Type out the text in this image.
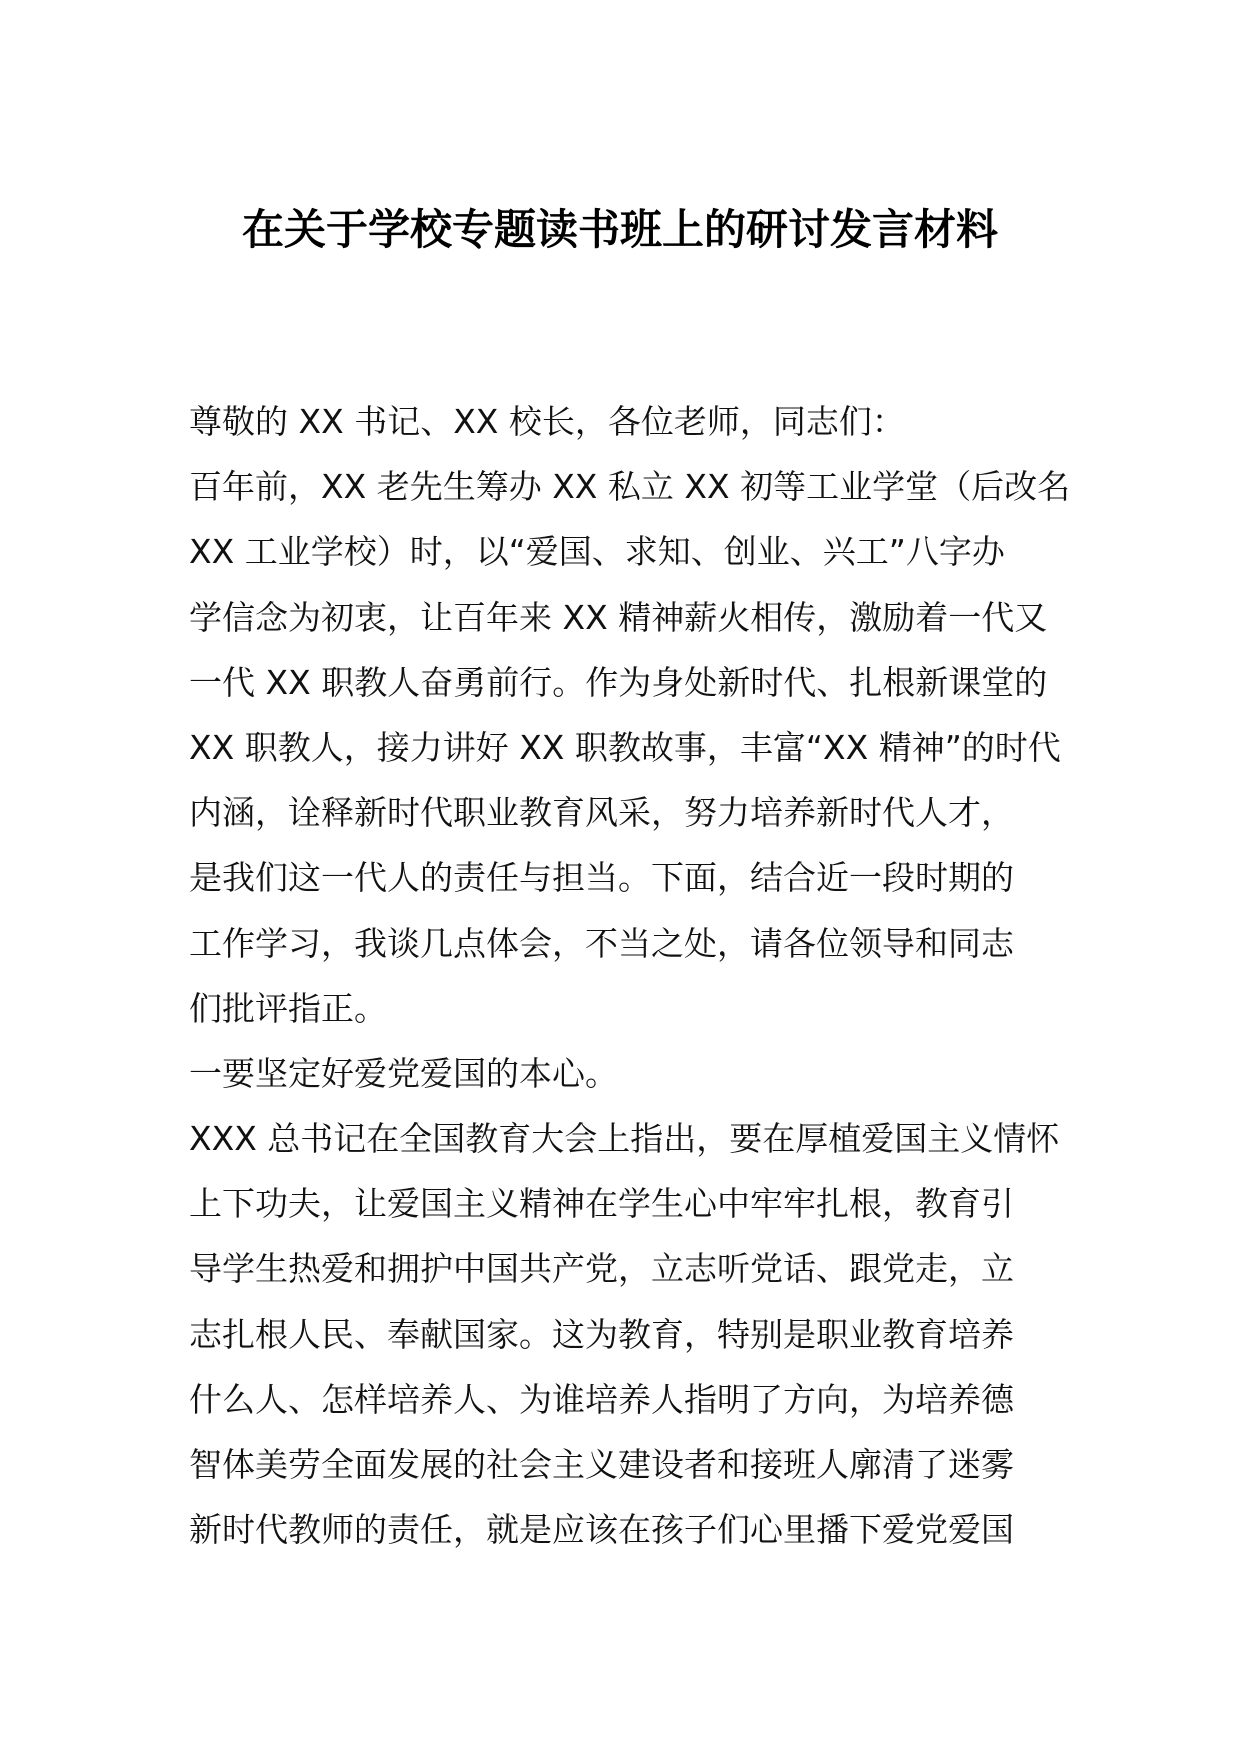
在关于学校专题读书班上的研讨发言材料
尊敬的 XX 书记、XX 校长，各位老师，同志们：
百年前，XX 老先生筹办 XX 私立 XX 初等工业学堂（后改名
XX 工业学校）时，以“爱国、求知、创业、兴工”八字办
学信念为初衷，让百年来 XX 精神薪火相传，激励着一代又
一代 XX 职教人奋勇前行。作为身处新时代、扎根新课堂的
XX 职教人，接力讲好 XX 职教故事，丰富“XX 精神”的时代
内涵，诠释新时代职业教育风采，努力培养新时代人才，
是我们这一代人的责任与担当。下面，结合近一段时期的
工作学习，我谈几点体会，不当之处，请各位领导和同志
们批评指正。
一要坚定好爱党爱国的本心。
XXX 总书记在全国教育大会上指出，要在厚植爱国主义情怀
上下功夫，让爱国主义精神在学生心中牢牢扎根，教育引
导学生热爱和拥护中国共产党，立志听党话、跟党走，立
志扎根人民、奉献国家。这为教育，特别是职业教育培养
什么人、怎样培养人、为谁培养人指明了方向，为培养德
智体美劳全面发展的社会主义建设者和接班人廓清了迷雾
新时代教师的责任，就是应该在孩子们心里播下爱党爱国
